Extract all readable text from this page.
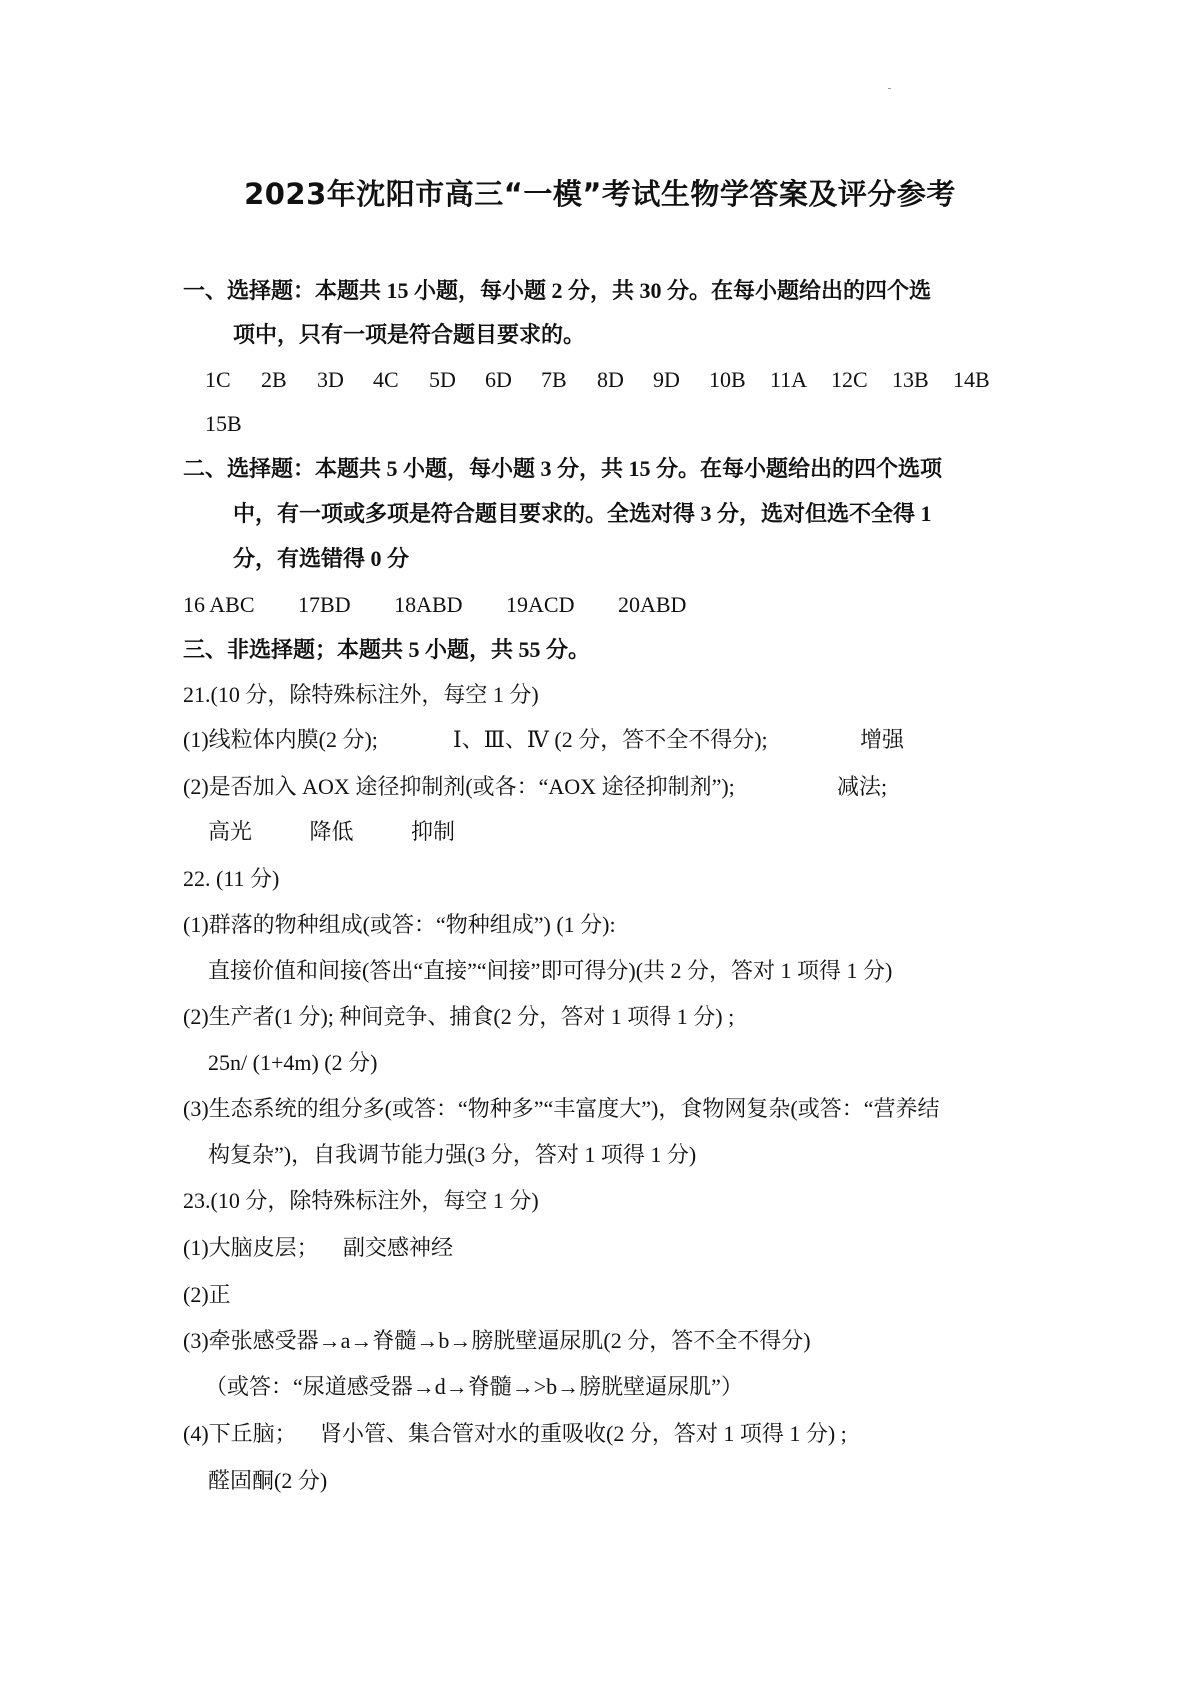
2023年沈阳市高三“一模”考试生物学答案及评分参考
一、选择题：本题共 15 小题，每小题 2 分，共 30 分。在每小题给出的四个选
项中，只有一项是符合题目要求的。
1C	2B	3D	4C	5D	6D	7B	8D	9D	10B	11A	12C	13B	14B
15B
二、选择题：本题共 5 小题，每小题 3 分，共 15 分。在每小题给出的四个选项
中，有一项或多项是符合题目要求的。全选对得 3 分，选对但选不全得 1
分，有选错得 0 分
16 ABC 17BD 18ABD 19ACD 20ABD
三、非选择题；本题共 5 小题，共 55 分。
21.(10 分，除特殊标注外，每空 1 分)
(1)线粒体内膜(2 分);	Ⅰ、Ⅲ、Ⅳ (2 分，答不全不得分);	增强
(2)是否加入 AOX 途径抑制剂(或各：“AOX 途径抑制剂”);	减法;
高光	降低	抑制
22. (11 分)
(1)群落的物种组成(或答：“物种组成”) (1 分):
直接价值和间接(答出“直接”“间接”即可得分)(共 2 分，答对 1 项得 1 分)
(2)生产者(1 分); 种间竞争、捕食(2 分，答对 1 项得 1 分) ;
25n/ (1+4m) (2 分)
(3)生态系统的组分多(或答：“物种多”“丰富度大”)，食物网复杂(或答：“营养结
构复杂”)，自我调节能力强(3 分，答对 1 项得 1 分)
23.(10 分，除特殊标注外，每空 1 分)
(1)大脑皮层； 副交感神经
(2)正
(3)牵张感受器→a→脊髓→b→膀胱壁逼尿肌(2 分，答不全不得分)
（或答：“尿道感受器→d→脊髓→>b→膀胱壁逼尿肌”）
(4)下丘脑； 肾小管、集合管对水的重吸收(2 分，答对 1 项得 1 分) ;
醛固酮(2 分)
